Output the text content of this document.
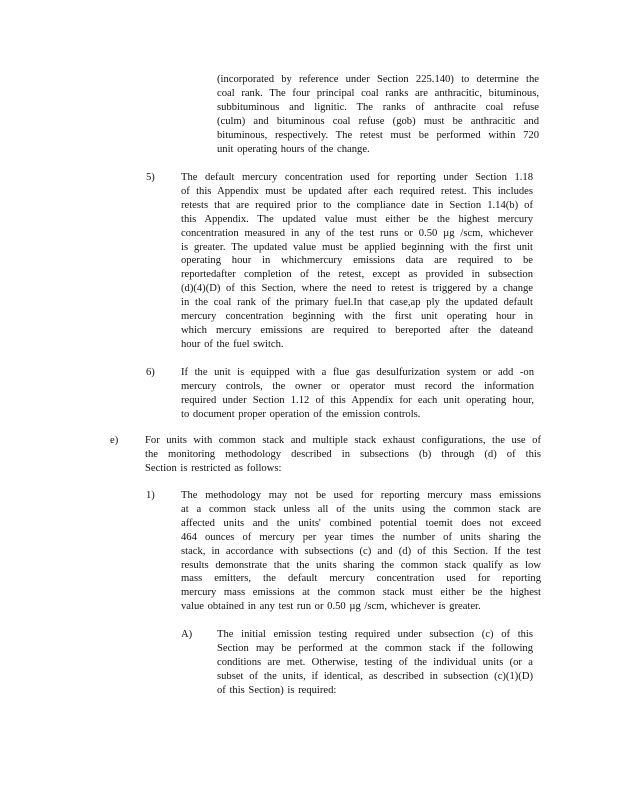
(incorporated by reference under Section 225.140) to determine the
coal rank. The four principal coal ranks are anthracitic, bituminous,
subbituminous and lignitic. The ranks of anthracite coal refuse
(culm) and bituminous coal refuse (gob) must be anthracitic and
bituminous, respectively. The retest must be performed within 720
unit operating hours of the change.
5) The default mercury concentration used for reporting under Section 1.18
of this Appendix must be updated after each required retest. This includes
retests that are required prior to the compliance date in Section 1.14(b) of
this Appendix. The updated value must either be the highest mercury
concentration measured in any of the test runs or 0.50 µg /scm, whichever
is greater. The updated value must be applied beginning with the first unit
operating hour in whichmercury emissions data are required to be
reportedafter completion of the retest, except as provided in subsection
(d)(4)(D) of this Section, where the need to retest is triggered by a change
in the coal rank of the primary fuel.In that case,ap ply the updated default
mercury concentration beginning with the first unit operating hour in
which mercury emissions are required to bereported after the dateand
hour of the fuel switch.
6) If the unit is equipped with a flue gas desulfurization system or add -on
mercury controls, the owner or operator must record the information
required under Section 1.12 of this Appendix for each unit operating hour,
to document proper operation of the emission controls.
e)	For units with common stack and multiple stack exhaust configurations, the use of
the monitoring methodology described in subsections (b) through (d) of this
Section is restricted as follows:
1) The methodology may not be used for reporting mercury mass emissions
at a common stack unless all of the units using the common stack are
affected units and the units' combined potential toemit does not exceed
464 ounces of mercury per year times the number of units sharing the
stack, in accordance with subsections (c) and (d) of this Section. If the test
results demonstrate that the units sharing the common stack qualify as low
mass emitters, the default mercury concentration used for reporting
mercury mass emissions at the common stack must either be the highest
value obtained in any test run or 0.50 µg /scm, whichever is greater.
A) The initial emission testing required under subsection (c) of this
Section may be performed at the common stack if the following
conditions are met. Otherwise, testing of the individual units (or a
subset of the units, if identical, as described in subsection (c)(1)(D)
of this Section) is required:
